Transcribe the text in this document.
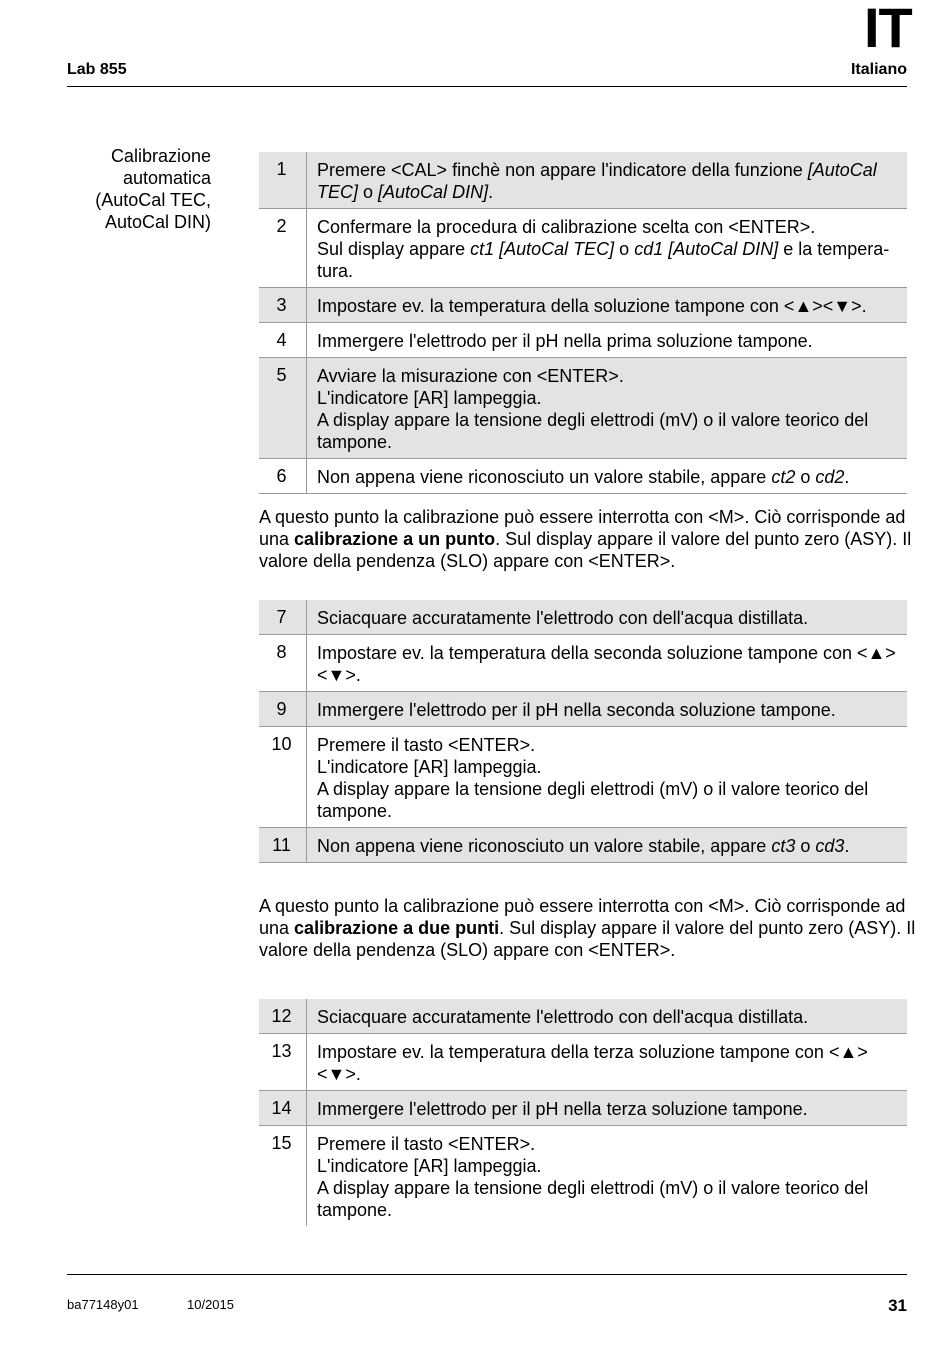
IT
Lab 855	Italiano
Calibrazione
automatica
(AutoCal TEC,
AutoCal DIN)
1	Premere <CAL> finchè non appare l'indicatore della funzione [AutoCal TEC] o [AutoCal DIN].

2	Confermare la procedura di calibrazione scelta con <ENTER>.
Sul display appare ct1 [AutoCal TEC] o cd1 [AutoCal DIN] e la tempera-tura.

3	Impostare ev. la temperatura della soluzione tampone con <▲><▼>.

4	Immergere l'elettrodo per il pH nella prima soluzione tampone.

5	Avviare la misurazione con <ENTER>.
L'indicatore [AR] lampeggia.
A display appare la tensione degli elettrodi (mV) o il valore teorico del tampone.

6	Non appena viene riconosciuto un valore stabile, appare ct2 o cd2.
A questo punto la calibrazione può essere interrotta con <M>. Ciò corrisponde ad una calibrazione a un punto. Sul display appare il valore del punto zero (ASY). Il valore della pendenza (SLO) appare con <ENTER>.
7	Sciacquare accuratamente l'elettrodo con dell'acqua distillata.

8	Impostare ev. la temperatura della seconda soluzione tampone con <▲><▼>.

9	Immergere l'elettrodo per il pH nella seconda soluzione tampone.

10	Premere il tasto <ENTER>.
L'indicatore [AR] lampeggia.
A display appare la tensione degli elettrodi (mV) o il valore teorico del tampone.

11	Non appena viene riconosciuto un valore stabile, appare ct3 o cd3.
A questo punto la calibrazione può essere interrotta con <M>. Ciò corrisponde ad una calibrazione a due punti. Sul display appare il valore del punto zero (ASY). Il valore della pendenza (SLO) appare con <ENTER>.
12	Sciacquare accuratamente l'elettrodo con dell'acqua distillata.

13	Impostare ev. la temperatura della terza soluzione tampone con <▲><▼>.

14	Immergere l'elettrodo per il pH nella terza soluzione tampone.

15	Premere il tasto <ENTER>.
L'indicatore [AR] lampeggia.
A display appare la tensione degli elettrodi (mV) o il valore teorico del tampone.
ba77148y01	10/2015	31
